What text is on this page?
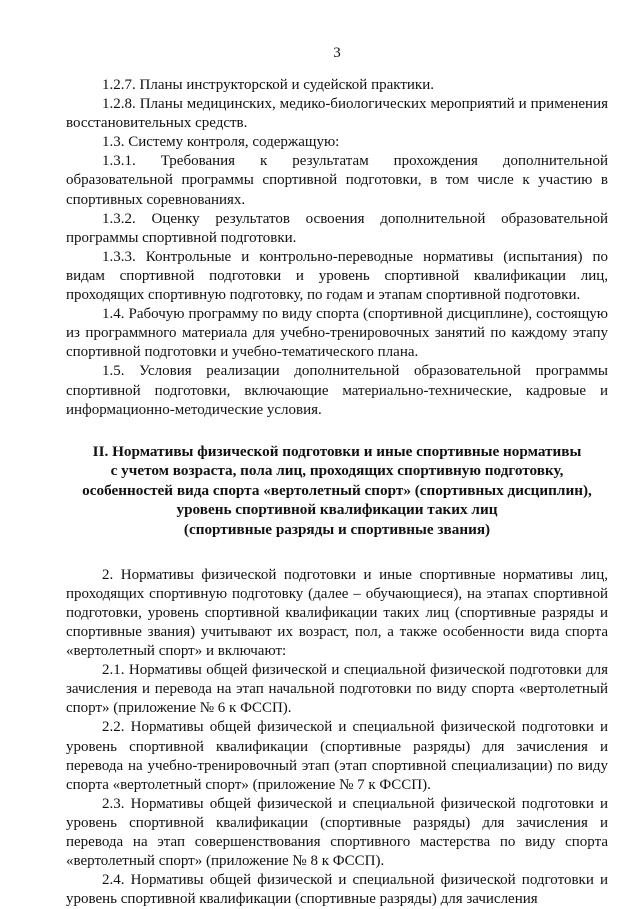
3

1.2.7. Планы инструкторской и судейской практики.

1.2.8. Планы медицинских, медико-биологических мероприятий и применения восстановительных средств.

1.3. Систему контроля, содержащую:

1.3.1. Требования к результатам прохождения дополнительной образовательной программы спортивной подготовки, в том числе к участию в спортивных соревнованиях.

1.3.2. Оценку результатов освоения дополнительной образовательной программы спортивной подготовки.

1.3.3. Контрольные и контрольно-переводные нормативы (испытания) по видам спортивной подготовки и уровень спортивной квалификации лиц, проходящих спортивную подготовку, по годам и этапам спортивной подготовки.

1.4. Рабочую программу по виду спорта (спортивной дисциплине), состоящую из программного материала для учебно-тренировочных занятий по каждому этапу спортивной подготовки и учебно-тематического плана.

1.5. Условия реализации дополнительной образовательной программы спортивной подготовки, включающие материально-технические, кадровые и информационно-методические условия.

II. Нормативы физической подготовки и иные спортивные нормативы
с учетом возраста, пола лиц, проходящих спортивную подготовку,
особенностей вида спорта «вертолетный спорт» (спортивных дисциплин),
уровень спортивной квалификации таких лиц
(спортивные разряды и спортивные звания)

2. Нормативы физической подготовки и иные спортивные нормативы лиц, проходящих спортивную подготовку (далее – обучающиеся), на этапах спортивной подготовки, уровень спортивной квалификации таких лиц (спортивные разряды и спортивные звания) учитывают их возраст, пол, а также особенности вида спорта «вертолетный спорт» и включают:

2.1. Нормативы общей физической и специальной физической подготовки для зачисления и перевода на этап начальной подготовки по виду спорта «вертолетный спорт» (приложение № 6 к ФССП).

2.2. Нормативы общей физической и специальной физической подготовки и уровень спортивной квалификации (спортивные разряды) для зачисления и перевода на учебно-тренировочный этап (этап спортивной специализации) по виду спорта «вертолетный спорт» (приложение № 7 к ФССП).

2.3. Нормативы общей физической и специальной физической подготовки и уровень спортивной квалификации (спортивные разряды) для зачисления и перевода на этап совершенствования спортивного мастерства по виду спорта «вертолетный спорт» (приложение № 8 к ФССП).

2.4. Нормативы общей физической и специальной физической подготовки и уровень спортивной квалификации (спортивные разряды) для зачисления
